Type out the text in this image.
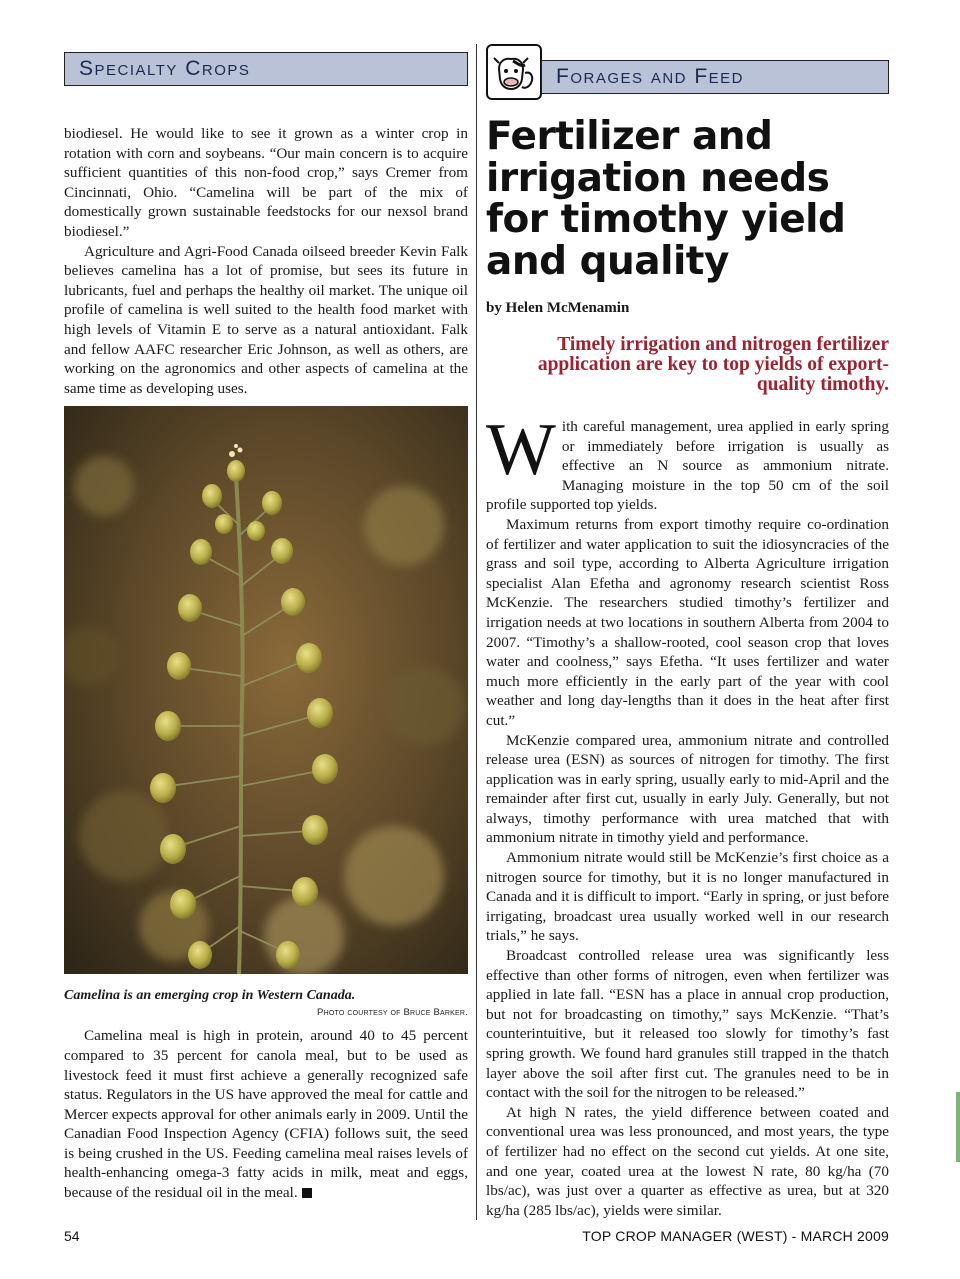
Specialty Crops

biodiesel. He would like to see it grown as a winter crop in rotation with corn and soybeans. “Our main concern is to acquire sufficient quantities of this non-food crop,” says Cremer from Cincinnati, Ohio. “Camelina will be part of the mix of domestically grown sustainable feedstocks for our nexsol brand biodiesel.”

Agriculture and Agri-Food Canada oilseed breeder Kevin Falk believes camelina has a lot of promise, but sees its future in lubricants, fuel and perhaps the healthy oil market. The unique oil profile of camelina is well suited to the health food market with high levels of Vitamin E to serve as a natural antioxidant. Falk and fellow AAFC researcher Eric Johnson, as well as others, are working on the agronomics and other aspects of camelina at the same time as developing uses.

Camelina is an emerging crop in Western Canada.
Photo courtesy of Bruce Barker.

Camelina meal is high in protein, around 40 to 45 percent compared to 35 percent for canola meal, but to be used as livestock feed it must first achieve a generally recognized safe status. Regulators in the US have approved the meal for cattle and Mercer expects approval for other animals early in 2009. Until the Canadian Food Inspection Agency (CFIA) follows suit, the seed is being crushed in the US. Feeding camelina meal raises levels of health-enhancing omega-3 fatty acids in milk, meat and eggs, because of the residual oil in the meal.

Forages and Feed
Fertilizer and irrigation needs for timothy yield and quality
by Helen McMenamin
Timely irrigation and nitrogen fertilizer application are key to top yields of export-quality timothy.

With careful management, urea applied in early spring or immediately before irrigation is usually as effective an N source as ammonium nitrate. Managing moisture in the top 50 cm of the soil profile supported top yields.

Maximum returns from export timothy require co-ordination of fertilizer and water application to suit the idiosyncracies of the grass and soil type, according to Alberta Agriculture irrigation specialist Alan Efetha and agronomy research scientist Ross McKenzie. The researchers studied timothy’s fertilizer and irrigation needs at two locations in southern Alberta from 2004 to 2007. “Timothy’s a shallow-rooted, cool season crop that loves water and coolness,” says Efetha. “It uses fertilizer and water much more efficiently in the early part of the year with cool weather and long day-lengths than it does in the heat after first cut.”

McKenzie compared urea, ammonium nitrate and controlled release urea (ESN) as sources of nitrogen for timothy. The first application was in early spring, usually early to mid-April and the remainder after first cut, usually in early July. Generally, but not always, timothy performance with urea matched that with ammonium nitrate in timothy yield and performance.

Ammonium nitrate would still be McKenzie’s first choice as a nitrogen source for timothy, but it is no longer manufactured in Canada and it is difficult to import. “Early in spring, or just before irrigating, broadcast urea usually worked well in our research trials,” he says.

Broadcast controlled release urea was significantly less effective than other forms of nitrogen, even when fertilizer was applied in late fall. “ESN has a place in annual crop production, but not for broadcasting on timothy,” says McKenzie. “That’s counterintuitive, but it released too slowly for timothy’s fast spring growth. We found hard granules still trapped in the thatch layer above the soil after first cut. The granules need to be in contact with the soil for the nitrogen to be released.”

At high N rates, the yield difference between coated and conventional urea was less pronounced, and most years, the type of fertilizer had no effect on the second cut yields. At one site, and one year, coated urea at the lowest N rate, 80 kg/ha (70 lbs/ac), was just over a quarter as effective as urea, but at 320 kg/ha (285 lbs/ac), yields were similar.

54	TOP CROP MANAGER (WEST) - MARCH 2009
